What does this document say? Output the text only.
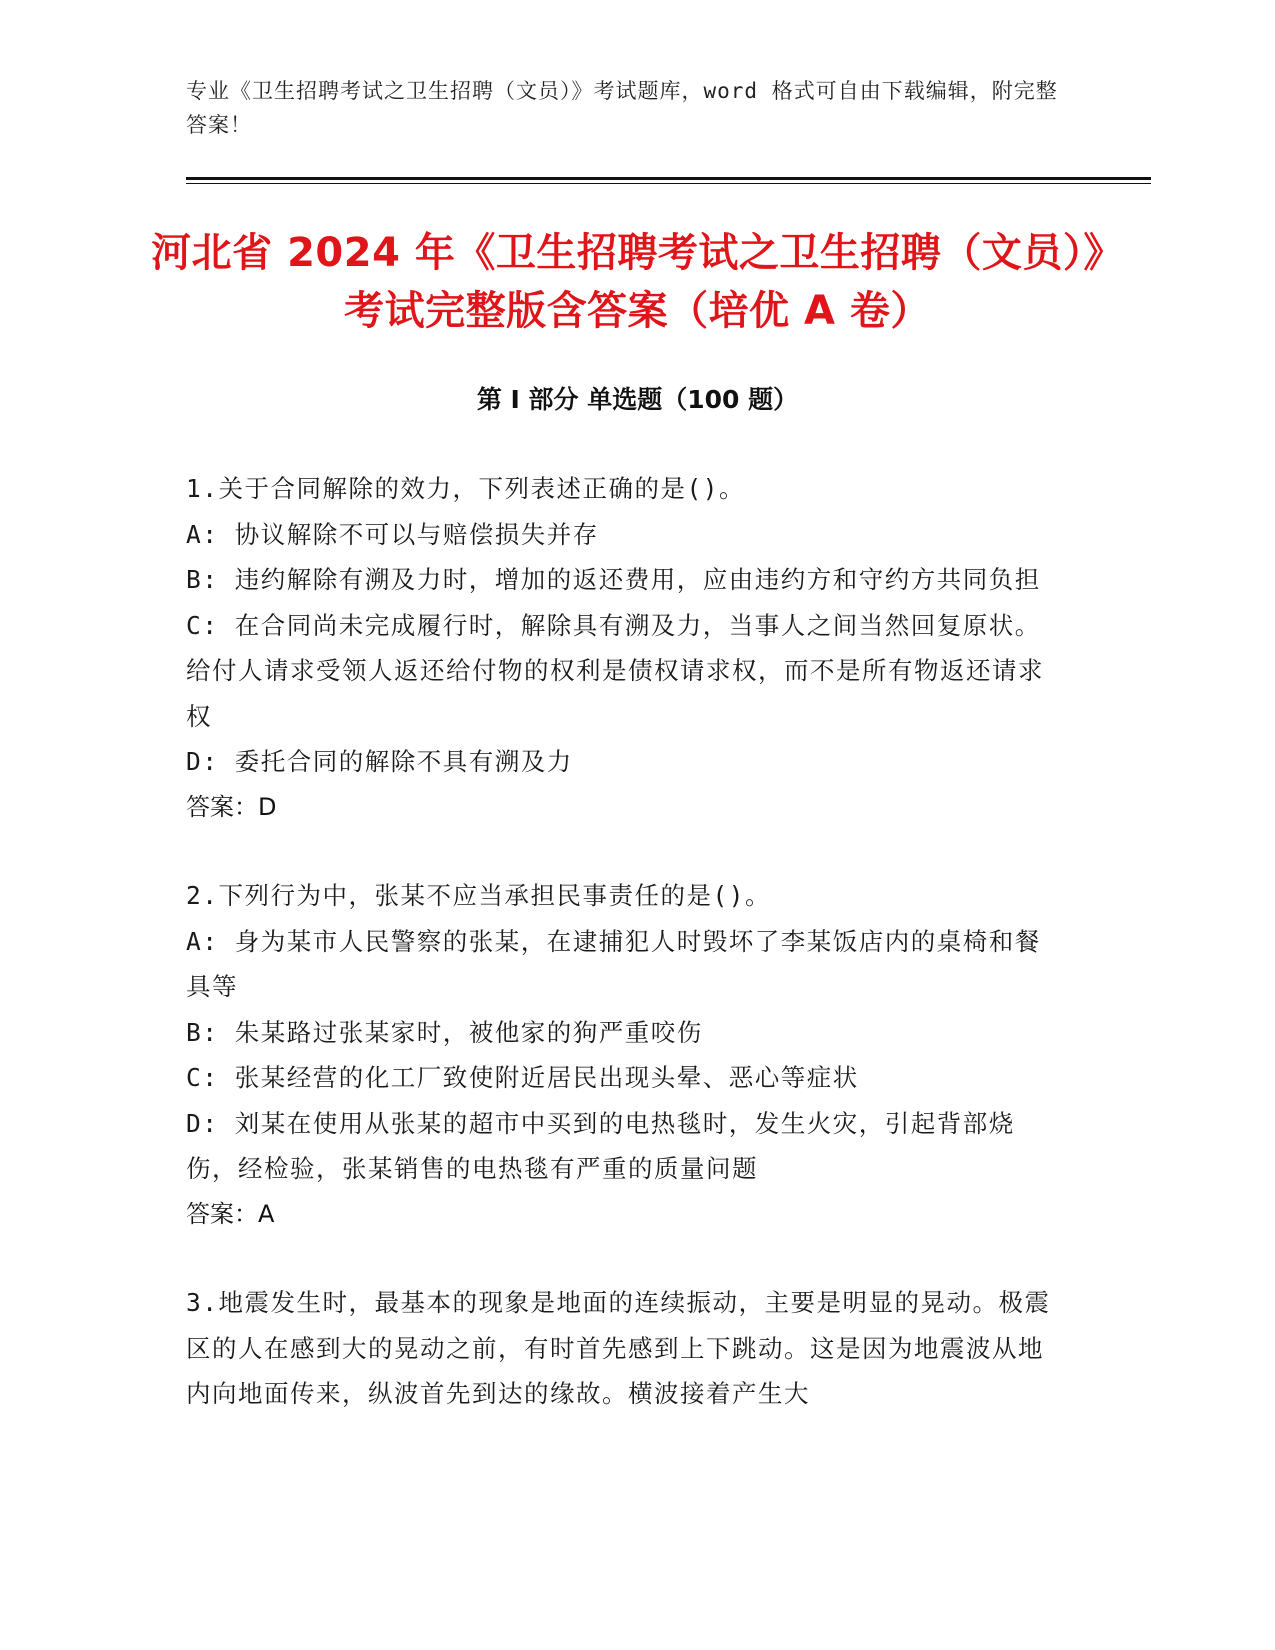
专业《卫生招聘考试之卫生招聘（文员）》考试题库，word 格式可自由下载编辑，附完整答案！
河北省 2024 年《卫生招聘考试之卫生招聘（文员）》考试完整版含答案（培优 A 卷）
第 I 部分 单选题（100 题）

1.关于合同解除的效力，下列表述正确的是()。

A: 协议解除不可以与赔偿损失并存

B: 违约解除有溯及力时，增加的返还费用，应由违约方和守约方共同负担

C: 在合同尚未完成履行时，解除具有溯及力，当事人之间当然回复原状。给付人请求受领人返还给付物的权利是债权请求权，而不是所有物返还请求权

D: 委托合同的解除不具有溯及力

答案：D

2.下列行为中，张某不应当承担民事责任的是()。

A: 身为某市人民警察的张某，在逮捕犯人时毁坏了李某饭店内的桌椅和餐具等

B: 朱某路过张某家时，被他家的狗严重咬伤

C: 张某经营的化工厂致使附近居民出现头晕、恶心等症状

D: 刘某在使用从张某的超市中买到的电热毯时，发生火灾，引起背部烧伤，经检验，张某销售的电热毯有严重的质量问题

答案：A

3.地震发生时，最基本的现象是地面的连续振动，主要是明显的晃动。极震区的人在感到大的晃动之前，有时首先感到上下跳动。这是因为地震波从地内向地面传来，纵波首先到达的缘故。横波接着产生大
